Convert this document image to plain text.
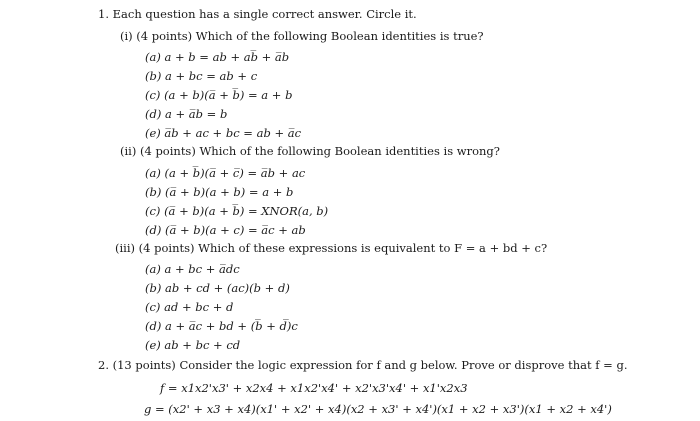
1. Each question has a single correct answer. Circle it.
(i) (4 points) Which of the following Boolean identities is true?
(a) a + b = ab + ab̅ + a̅b
(b) a + bc = ab + c
(c) (a + b)(a̅ + b̅) = a + b
(d) a + a̅b = b
(e) a̅b + ac + bc = ab + a̅c
(ii) (4 points) Which of the following Boolean identities is wrong?
(a) (a + b̅)(a̅ + c̅) = a̅b + ac
(b) (a̅ + b)(a + b) = a + b
(c) (a̅ + b)(a + b̅) = XNOR(a, b)
(d) (a̅ + b)(a + c) = a̅c + ab
(iii) (4 points) Which of these expressions is equivalent to F = a + bd + c?
(a) a + bc + a̅dc
(b) ab + cd + (ac)(b + d)
(c) ad + bc + d
(d) a + a̅c + bd + (b̅ + d̅)c
(e) ab + bc + cd
2. (13 points) Consider the logic expression for f and g below. Prove or disprove that f = g.
f = x1x2'x3' + x2x4 + x1x2'x4' + x2'x3'x4' + x1'x2x3
g = (x2' + x3 + x4)(x1' + x2' + x4)(x2 + x3' + x4')(x1 + x2 + x3')(x1 + x2 + x4')
